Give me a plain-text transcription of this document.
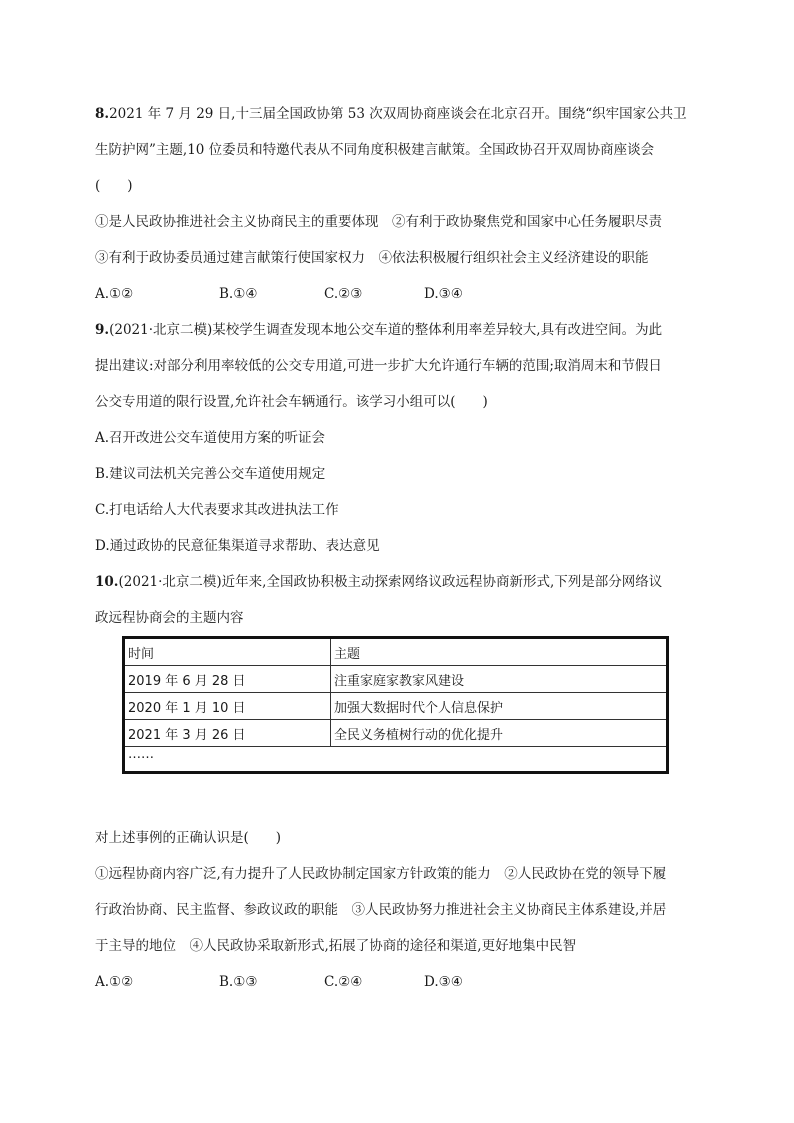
8.2021 年 7 月 29 日,十三届全国政协第 53 次双周协商座谈会在北京召开。围绕“织牢国家公共卫
生防护网”主题,10 位委员和特邀代表从不同角度积极建言献策。全国政协召开双周协商座谈会
(　　)
①是人民政协推进社会主义协商民主的重要体现　②有利于政协聚焦党和国家中心任务履职尽责
③有利于政协委员通过建言献策行使国家权力　④依法积极履行组织社会主义经济建设的职能
A.①②	B.①④	C.②③	D.③④
9.(2021·北京二模)某校学生调查发现本地公交车道的整体利用率差异较大,具有改进空间。为此
提出建议:对部分利用率较低的公交专用道,可进一步扩大允许通行车辆的范围;取消周末和节假日
公交专用道的限行设置,允许社会车辆通行。该学习小组可以(　　)
A.召开改进公交车道使用方案的听证会
B.建议司法机关完善公交车道使用规定
C.打电话给人大代表要求其改进执法工作
D.通过政协的民意征集渠道寻求帮助、表达意见
10.(2021·北京二模)近年来,全国政协积极主动探索网络议政远程协商新形式,下列是部分网络议
政远程协商会的主题内容
时间	主题
2019 年 6 月 28 日	注重家庭家教家风建设
2020 年 1 月 10 日	加强大数据时代个人信息保护
2021 年 3 月 26 日	全民义务植树行动的优化提升
……	
对上述事例的正确认识是(　　)
①远程协商内容广泛,有力提升了人民政协制定国家方针政策的能力　②人民政协在党的领导下履
行政治协商、民主监督、参政议政的职能　③人民政协努力推进社会主义协商民主体系建设,并居
于主导的地位　④人民政协采取新形式,拓展了协商的途径和渠道,更好地集中民智
A.①②	B.①③	C.②④	D.③④
